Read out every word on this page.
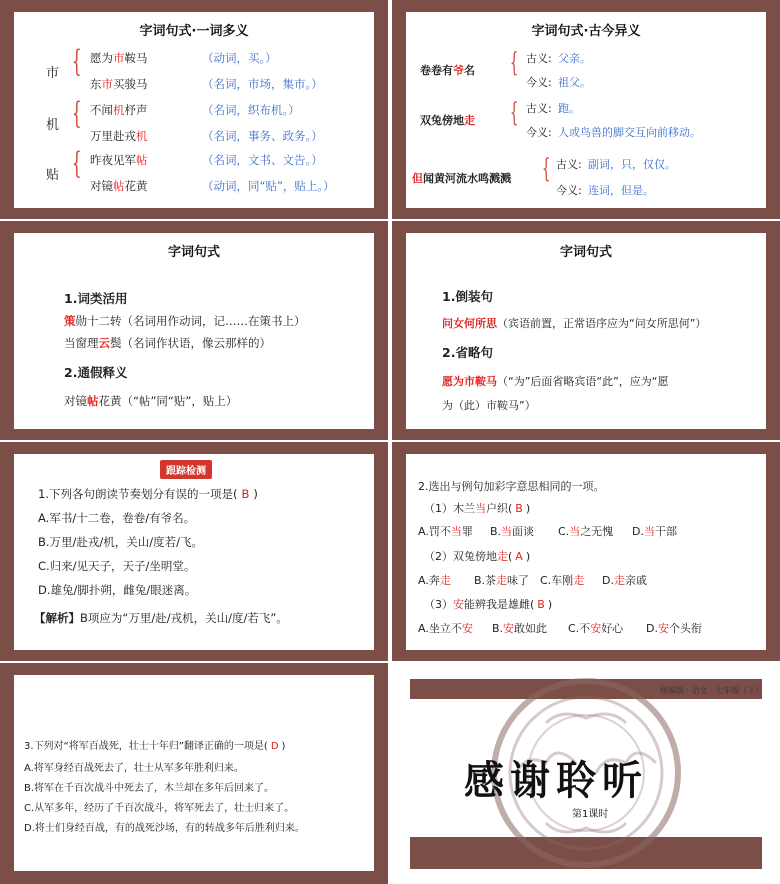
字词句式·一词多义
市 { 愿为市鞍马	（动词，买。）
东市买骏马	（名词，市场，集市。）
机 { 不闻机杼声	（名词，织布机。）
万里赴戎机	（名词，事务、政务。）
贴 { 昨夜见军帖	（名词，文书、文告。）
对镜帖花黄	（动词，同“贴”，贴上。）
字词句式·古今异义
卷卷有爷名 { 古义: 父亲。
今义: 祖父。
双兔傍地走 { 古义: 跑。
今义: 人或鸟兽的脚交互向前移动。
但闻黄河流水鸣溅溅 { 古义: 副词，只，仅仅。
今义: 连词，但是。
字词句式
1.词类活用
策勋十二转（名词用作动词，记……在策书上）
当窗理云鬓（名词作状语，像云那样的）
2.通假释义
对镜帖花黄（“帖”同“贴”，贴上）
字词句式
1.倒装句
问女何所思（宾语前置，正常语序应为“问女所思何”）
2.省略句
愿为市鞍马（“为”后面省略宾语“此”，应为“愿
为（此）市鞍马”）
跟踪检测
1.下列各句朗读节奏划分有误的一项是( B )
A.军书/十二卷，卷卷/有爷名。
B.万里/赴戎/机，关山/度若/飞。
C.归来/见天子，天子/坐明堂。
D.雄兔/脚扑朔，雌兔/眼迷离。
【解析】B项应为“万里/赴/戎机，关山/度/若飞”。
2.选出与例句加彩字意思相同的一项。
（1）木兰当户织( B )
A.罚不当罪 B.当面谈 C.当之无愧 D.当干部
（2）双兔傍地走( A )
A.奔走 B.茶走味了 C.车刚走 D.走亲戚
（3）安能辨我是雄雌( B )
A.坐立不安 B.安敢如此 C.不安好心 D.安个头衔
3.下列对“将军百战死，壮士十年归”翻译正确的一项是( D )
A.将军身经百战死去了，壮士从军多年胜利归来。
B.将军在千百次战斗中死去了，木兰却在多年后回来了。
C.从军多年，经历了千百次战斗，将军死去了，壮士归来了。
D.将士们身经百战，有的战死沙场，有的转战多年后胜利归来。
统编版 · 语文 · 七年级（下）
感谢聆听
第1课时
